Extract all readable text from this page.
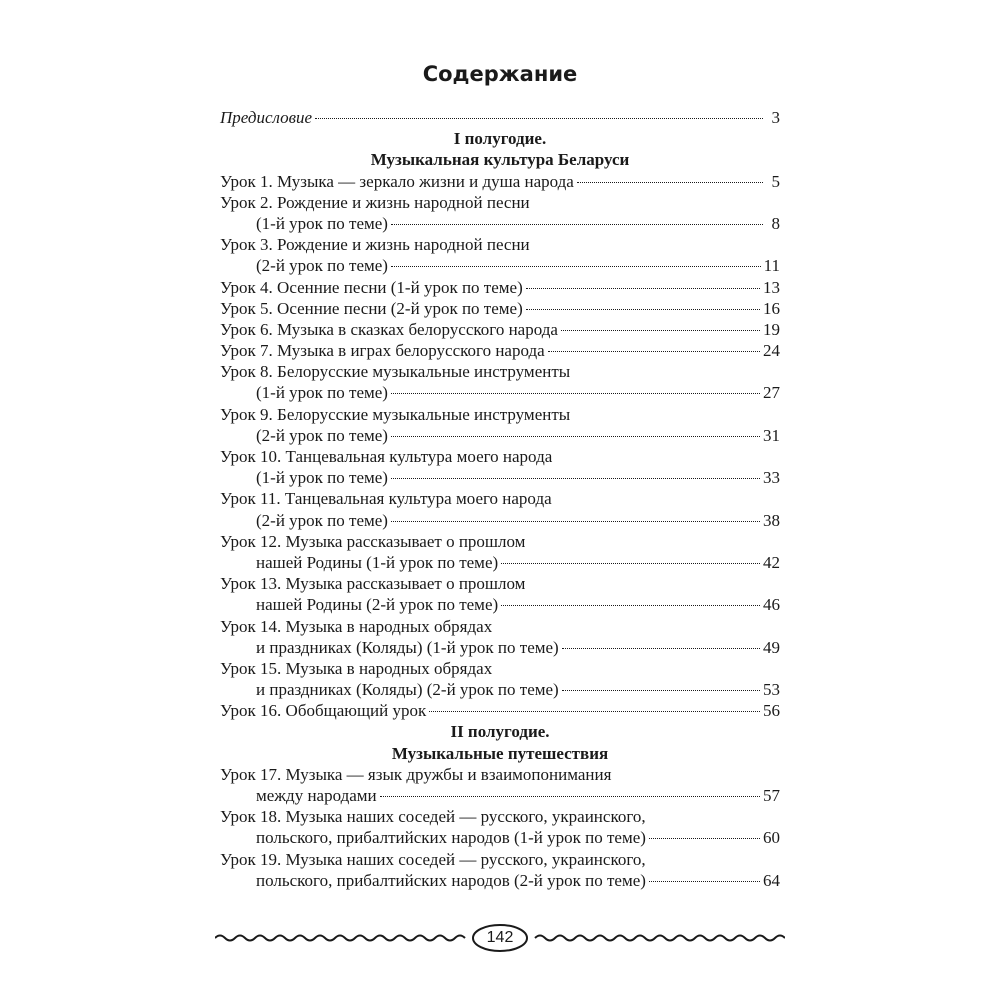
Содержание
Предисловие	3
I полугодие.
Музыкальная культура Беларуси
Урок 1. Музыка — зеркало жизни и душа народа	5
Урок 2. Рождение и жизнь народной песни
(1-й урок по теме)	8
Урок 3. Рождение и жизнь народной песни
(2-й урок по теме)	11
Урок 4. Осенние песни (1-й урок по теме)	13
Урок 5. Осенние песни (2-й урок по теме)	16
Урок 6. Музыка в сказках белорусского народа	19
Урок 7. Музыка в играх белорусского народа	24
Урок 8. Белорусские музыкальные инструменты
(1-й урок по теме)	27
Урок 9. Белорусские музыкальные инструменты
(2-й урок по теме)	31
Урок 10. Танцевальная культура моего народа
(1-й урок по теме)	33
Урок 11. Танцевальная культура моего народа
(2-й урок по теме)	38
Урок 12. Музыка рассказывает о прошлом
нашей Родины (1-й урок по теме)	42
Урок 13. Музыка рассказывает о прошлом
нашей Родины (2-й урок по теме)	46
Урок 14. Музыка в народных обрядах
и праздниках (Коляды) (1-й урок по теме)	49
Урок 15. Музыка в народных обрядах
и праздниках (Коляды) (2-й урок по теме)	53
Урок 16. Обобщающий урок	56
II полугодие.
Музыкальные путешествия
Урок 17. Музыка — язык дружбы и взаимопонимания
между народами	57
Урок 18. Музыка наших соседей — русского, украинского,
польского, прибалтийских народов (1-й урок по теме)	60
Урок 19. Музыка наших соседей — русского, украинского,
польского, прибалтийских народов (2-й урок по теме)	64
142
